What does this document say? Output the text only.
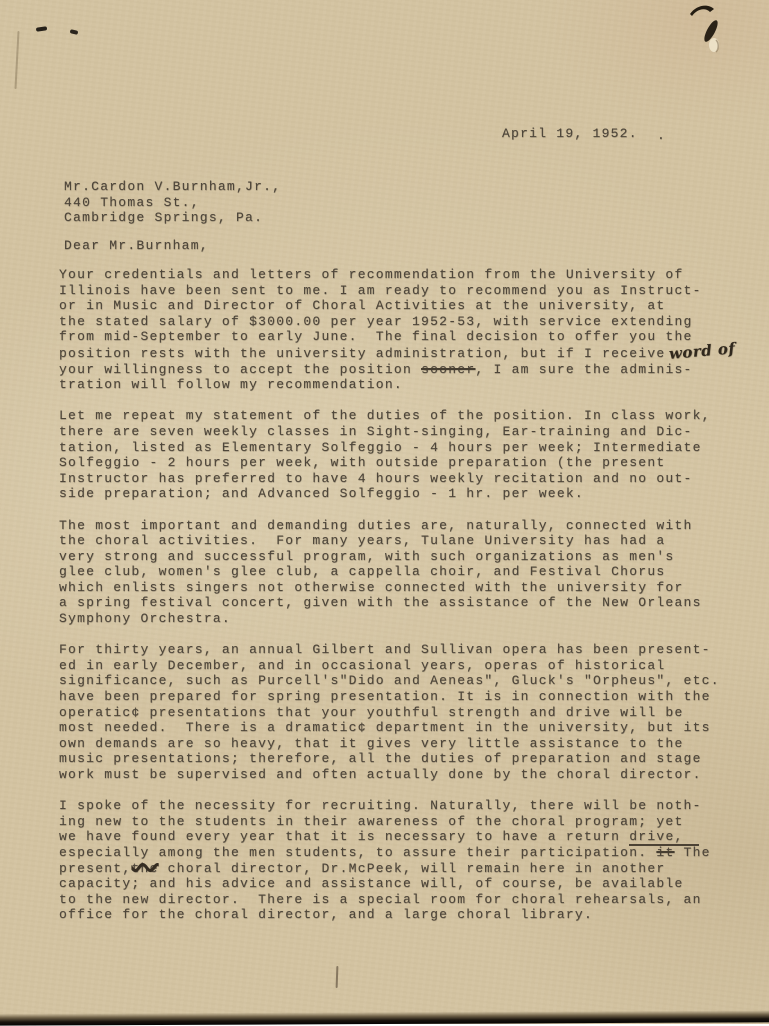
April 19, 1952. .
Mr.Cardon V.Burnham,Jr.,
440 Thomas St.,
Cambridge Springs, Pa.
Dear Mr.Burnham,
Your credentials and letters of recommendation from the University of
Illinois have been sent to me. I am ready to recommend you as Instruct-
or in Music and Director of Choral Activities at the university, at
the stated salary of $3000.00 per year 1952-53, with service extending
from mid-September to early June.  The final decision to offer you the
position rests with the university administration, but if I receive word of
your willingness to accept the position sooner, I am sure the adminis-
tration will follow my recommendation.
Let me repeat my statement of the duties of the position. In class work,
there are seven weekly classes in Sight-singing, Ear-training and Dic-
tation, listed as Elementary Solfeggio - 4 hours per week; Intermediate
Solfeggio - 2 hours per week, with outside preparation (the present
Instructor has preferred to have 4 hours weekly recitation and no out-
side preparation; and Advanced Solfeggio - 1 hr. per week.
The most important and demanding duties are, naturally, connected with
the choral activities.  For many years, Tulane University has had a
very strong and successful program, with such organizations as men's
glee club, women's glee club, a cappella choir, and Festival Chorus
which enlists singers not otherwise connected with the university for
a spring festival concert, given with the assistance of the New Orleans
Symphony Orchestra.
For thirty years, an annual Gilbert and Sullivan opera has been present-
ed in early December, and in occasional years, operas of historical
significance, such as Purcell's"Dido and Aeneas", Gluck's "Orpheus", etc.
have been prepared for spring presentation. It is in connection with the
operatic¢ presentations that your youthful strength and drive will be
most needed.  There is a dramatic¢ department in the university, but its
own demands are so heavy, that it gives very little assistance to the
music presentations; therefore, all the duties of preparation and stage
work must be supervised and often actually done by the choral director.
I spoke of the necessity for recruiting. Naturally, there will be noth-
ing new to the students in their awareness of the choral program; yet
we have found every year that it is necessary to have a return drive,
especially among the men students, to assure their participation. it The
present,the choral director, Dr.McPeek, will remain here in another
capacity; and his advice and assistance will, of course, be available
to the new director.  There is a special room for choral rehearsals, an
office for the choral director, and a large choral library.
